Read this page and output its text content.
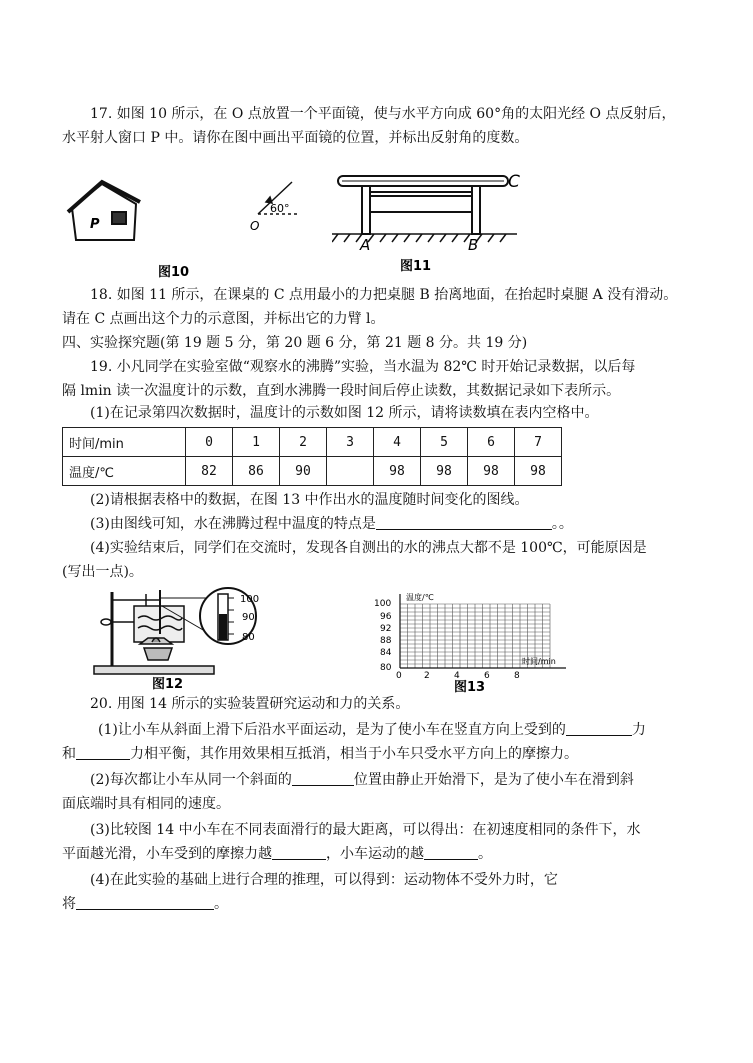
17. 如图 10 所示，在 O 点放置一个平面镜，使与水平方向成 60°角的太阳光经 O 点反射后，
水平射人窗口 P 中。请你在图中画出平面镜的位置，并标出反射角的度数。
P
60°
O
图10
C
A	B
图11
18. 如图 11 所示，在课桌的 C 点用最小的力把桌腿 B 抬离地面，在抬起时桌腿 A 没有滑动。
请在 C 点画出这个力的示意图，并标出它的力臂 l。
四、实验探究题(第 19 题 5 分，第 20 题 6 分，第 21 题 8 分。共 19 分)
19. 小凡同学在实验室做“观察水的沸腾”实验，当水温为 82℃ 时开始记录数据，以后每
隔 lmin 读一次温度计的示数，直到水沸腾一段时间后停止读数，其数据记录如下表所示。
(1)在记录第四次数据时，温度计的示数如图 12 所示，请将读数填在表内空格中。
时间/min	0	1	2	3	4	5	6	7
温度/℃	82	86	90		98	98	98	98
(2)请根据表格中的数据，在图 13 中作出水的温度随时间变化的图线。
(3)由图线可知，水在沸腾过程中温度的特点是	。。
(4)实验结束后，同学们在交流时，发现各自测出的水的沸点大都不是 100℃，可能原因是
(写出一点)。
100
90
80
图12
温度/℃
时间/min
100
96
92
88
84
80
0 2	4	6	8
图13
20. 用图 14 所示的实验装置研究运动和力的关系。
(1)让小车从斜面上滑下后沿水平面运动，是为了使小车在竖直方向上受到的	力
和	力相平衡，其作用效果相互抵消，相当于小车只受水平方向上的摩擦力。
(2)每次都让小车从同一个斜面的	位置由静止开始滑下，是为了使小车在滑到斜
面底端时具有相同的速度。
(3)比较图 14 中小车在不同表面滑行的最大距离，可以得出：在初速度相同的条件下，水
平面越光滑，小车受到的摩擦力越	，小车运动的越	。
(4)在此实验的基础上进行合理的推理，可以得到：运动物体不受外力时，它
将	。
